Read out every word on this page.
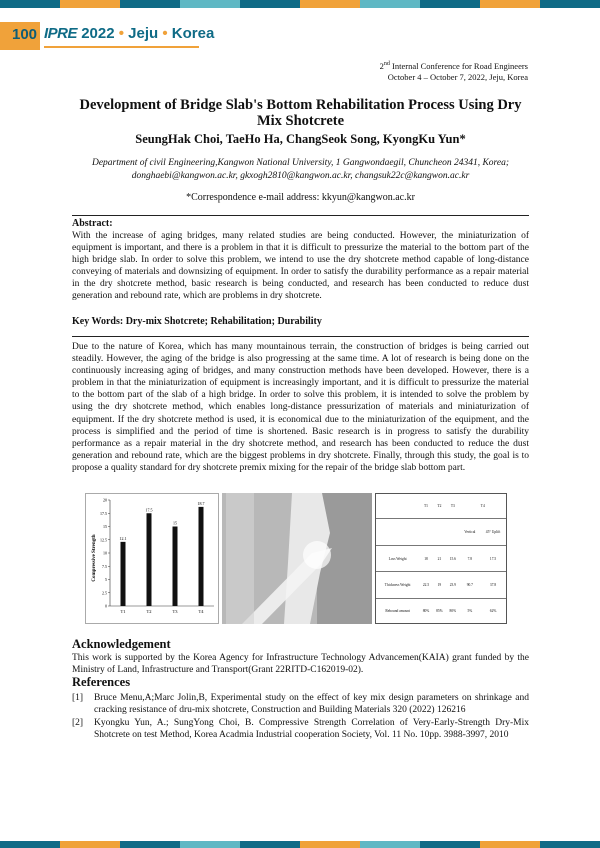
100 IPRE 2022 • Jeju • Korea
2nd Internal Conference for Road Engineers
October 4 – October 7, 2022, Jeju, Korea
Development of Bridge Slab's Bottom Rehabilitation Process Using Dry
Mix Shotcrete
SeungHak Choi, TaeHo Ha, ChangSeok Song, KyongKu Yun*
Department of civil Engineering,Kangwon National University, 1 Gangwondaegil, Chuncheon 24341, Korea;
donghaebi@kangwon.ac.kr, gkxogh2810@kangwon.ac.kr, changsuk22c@kangwon.ac.kr
*Correspondence e-mail address: kkyun@kangwon.ac.kr
Abstract:
With the increase of aging bridges, many related studies are being conducted. However, the miniaturization of equipment is important, and there is a problem in that it is difficult to pressurize the material to the bottom part of the high bridge slab. In order to solve this problem, we intend to use the dry shotcrete method capable of long-distance conveying of materials and downsizing of equipment. In order to satisfy the durability performance as a repair material in the dry shotcrete method, basic research is being conducted, and research has been conducted to reduce dust generation and rebound rate, which are problems in dry shotcrete.
Key Words: Dry-mix Shotcrete; Rehabilitation; Durability
Due to the nature of Korea, which has many mountainous terrain, the construction of bridges is being carried out steadily. However, the aging of the bridge is also progressing at the same time. A lot of research is being done on the continuously increasing aging of bridges, and many construction methods have been developed. However, there is a problem in that the miniaturization of equipment is increasingly important, and it is difficult to pressurize the material to the bottom part of the slab of a high bridge. In order to solve this problem, it is intended to solve the problem by using the dry shotcrete method, which enables long-distance pressurization of materials and miniaturization of equipment. If the dry shotcrete method is used, it is economical due to the miniaturization of the equipment, and the process is simplified and the period of time is shortened. Basic research is in progress to satisfy the durability performance as a repair material in the dry shotcrete method, and research has been conducted to reduce the dust generation and rebound rate, which are the biggest problems in dry shotcrete. Finally, through this study, the goal is to propose a quality standard for dry shotcrete premix mixing for the repair of the bridge slab bottom part.
Compressive Strength
0
2.5
5
7.5
10
12.5
15
17.5
20
12.1
T1
17.5
T2
15
T3
18.7
T4
	T1	T2	T3	T4	
				Vertical	45° Uplift
Loss Weight	18	21	15.6	7.8	17.5
Thickness Weight	22.5	19	23.9	90.7	37.8
Rebound amount	80%	85%	80%	5%	62%
Acknowledgement
This work is supported by the Korea Agency for Infrastructure Technology Advancemen(KAIA) grant funded by the Ministry of Land, Infrastructure and Transport(Grant 22RITD-C162019-02).
References
[1] Bruce Menu,A;Marc Jolin,B, Experimental study on the effect of key mix design parameters on shrinkage and cracking resistance of dru-mix shotcrete, Construction and Building Materials 320 (2022) 126216
[2] Kyongku Yun, A.; SungYong Choi, B. Compressive Strength Correlation of Very-Early-Strength Dry-Mix Shotcrete on test Method, Korea Acadmia Industrial cooperation Society, Vol. 11 No. 10pp. 3988-3997, 2010
